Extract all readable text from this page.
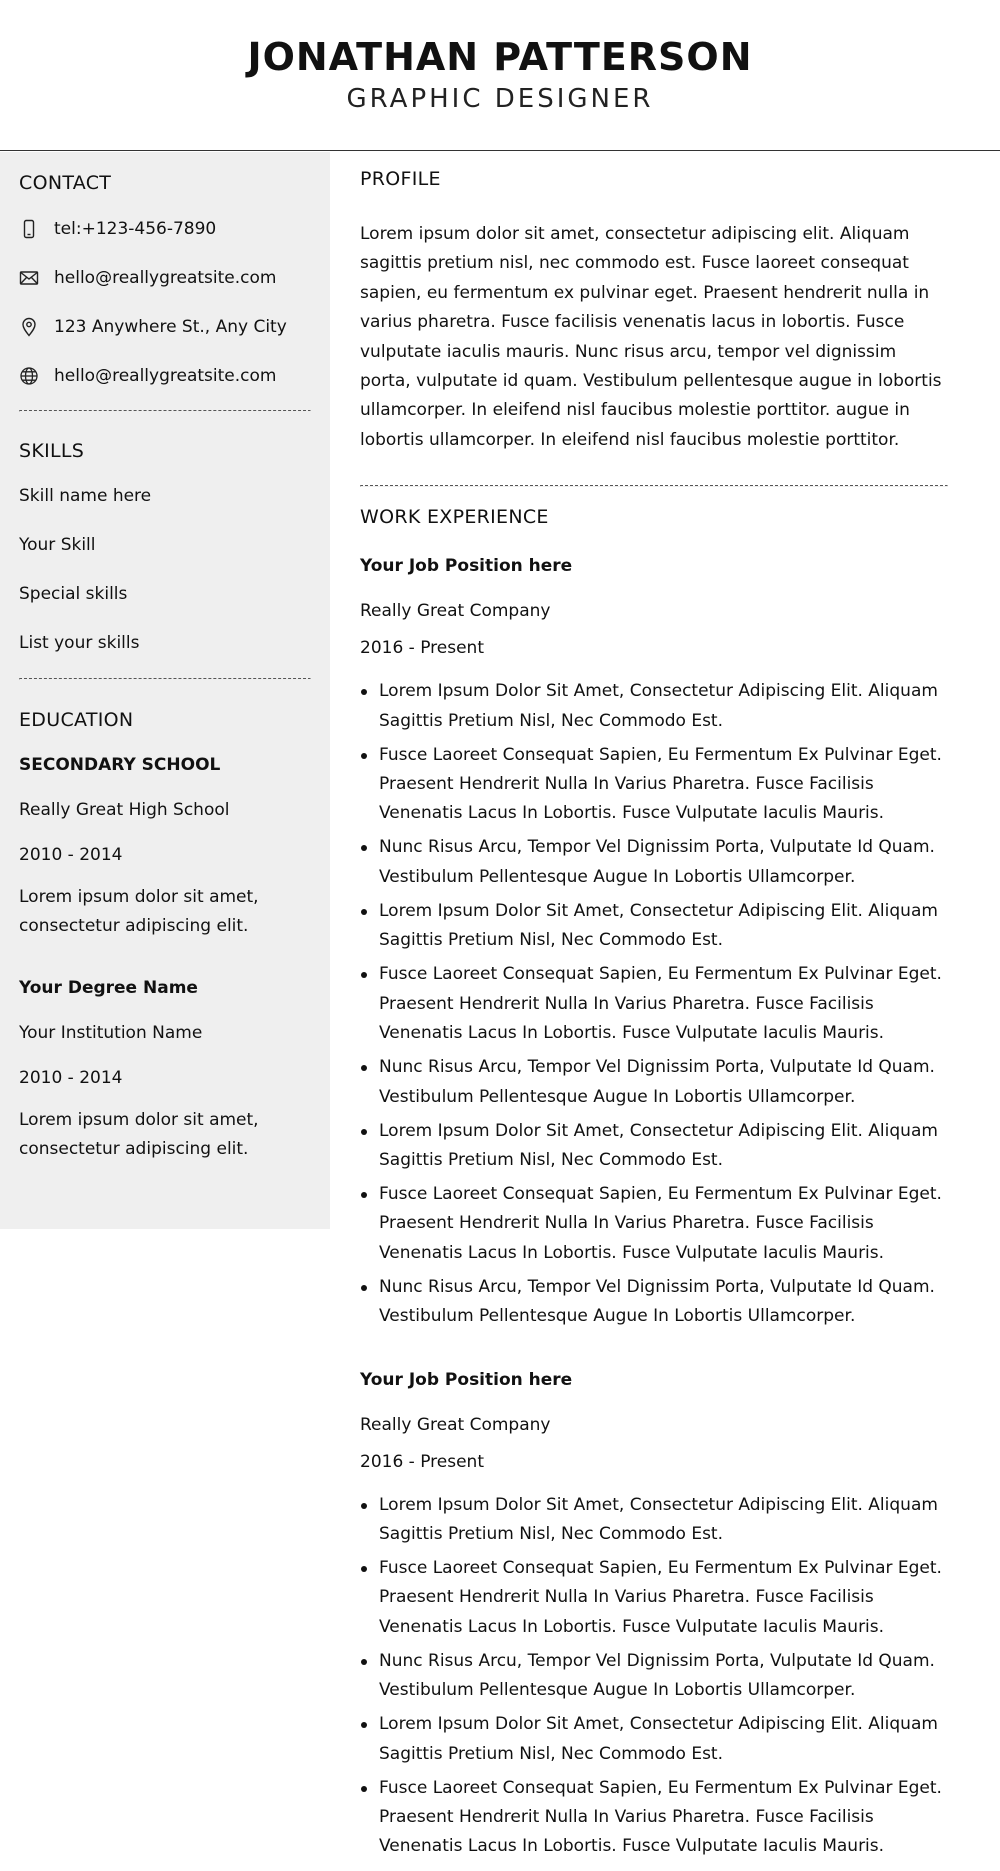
JONATHAN PATTERSON
GRAPHIC DESIGNER
CONTACT
tel:+123-456-7890
hello@reallygreatsite.com
123 Anywhere St., Any City
hello@reallygreatsite.com
SKILLS
Skill name here
Your Skill
Special skills
List your skills
EDUCATION
SECONDARY SCHOOL
Really Great High School
2010 - 2014
Lorem ipsum dolor sit amet, consectetur adipiscing elit.
Your Degree Name
Your Institution Name
2010 - 2014
Lorem ipsum dolor sit amet, consectetur adipiscing elit.
PROFILE
Lorem ipsum dolor sit amet, consectetur adipiscing elit. Aliquam sagittis pretium nisl, nec commodo est. Fusce laoreet consequat sapien, eu fermentum ex pulvinar eget. Praesent hendrerit nulla in varius pharetra. Fusce facilisis venenatis lacus in lobortis. Fusce vulputate iaculis mauris. Nunc risus arcu, tempor vel dignissim porta, vulputate id quam. Vestibulum pellentesque augue in lobortis ullamcorper. In eleifend nisl faucibus molestie porttitor. augue in lobortis ullamcorper. In eleifend nisl faucibus molestie porttitor.
WORK EXPERIENCE
Your Job Position here
Really Great Company
2016 - Present
Lorem Ipsum Dolor Sit Amet, Consectetur Adipiscing Elit. Aliquam Sagittis Pretium Nisl, Nec Commodo Est.
Fusce Laoreet Consequat Sapien, Eu Fermentum Ex Pulvinar Eget. Praesent Hendrerit Nulla In Varius Pharetra. Fusce Facilisis Venenatis Lacus In Lobortis. Fusce Vulputate Iaculis Mauris.
Nunc Risus Arcu, Tempor Vel Dignissim Porta, Vulputate Id Quam. Vestibulum Pellentesque Augue In Lobortis Ullamcorper.
Lorem Ipsum Dolor Sit Amet, Consectetur Adipiscing Elit. Aliquam Sagittis Pretium Nisl, Nec Commodo Est.
Fusce Laoreet Consequat Sapien, Eu Fermentum Ex Pulvinar Eget. Praesent Hendrerit Nulla In Varius Pharetra. Fusce Facilisis Venenatis Lacus In Lobortis. Fusce Vulputate Iaculis Mauris.
Nunc Risus Arcu, Tempor Vel Dignissim Porta, Vulputate Id Quam. Vestibulum Pellentesque Augue In Lobortis Ullamcorper.
Lorem Ipsum Dolor Sit Amet, Consectetur Adipiscing Elit. Aliquam Sagittis Pretium Nisl, Nec Commodo Est.
Fusce Laoreet Consequat Sapien, Eu Fermentum Ex Pulvinar Eget. Praesent Hendrerit Nulla In Varius Pharetra. Fusce Facilisis Venenatis Lacus In Lobortis. Fusce Vulputate Iaculis Mauris.
Nunc Risus Arcu, Tempor Vel Dignissim Porta, Vulputate Id Quam. Vestibulum Pellentesque Augue In Lobortis Ullamcorper.
Your Job Position here
Really Great Company
2016 - Present
Lorem Ipsum Dolor Sit Amet, Consectetur Adipiscing Elit. Aliquam Sagittis Pretium Nisl, Nec Commodo Est.
Fusce Laoreet Consequat Sapien, Eu Fermentum Ex Pulvinar Eget. Praesent Hendrerit Nulla In Varius Pharetra. Fusce Facilisis Venenatis Lacus In Lobortis. Fusce Vulputate Iaculis Mauris.
Nunc Risus Arcu, Tempor Vel Dignissim Porta, Vulputate Id Quam. Vestibulum Pellentesque Augue In Lobortis Ullamcorper.
Lorem Ipsum Dolor Sit Amet, Consectetur Adipiscing Elit. Aliquam Sagittis Pretium Nisl, Nec Commodo Est.
Fusce Laoreet Consequat Sapien, Eu Fermentum Ex Pulvinar Eget. Praesent Hendrerit Nulla In Varius Pharetra. Fusce Facilisis Venenatis Lacus In Lobortis. Fusce Vulputate Iaculis Mauris.
